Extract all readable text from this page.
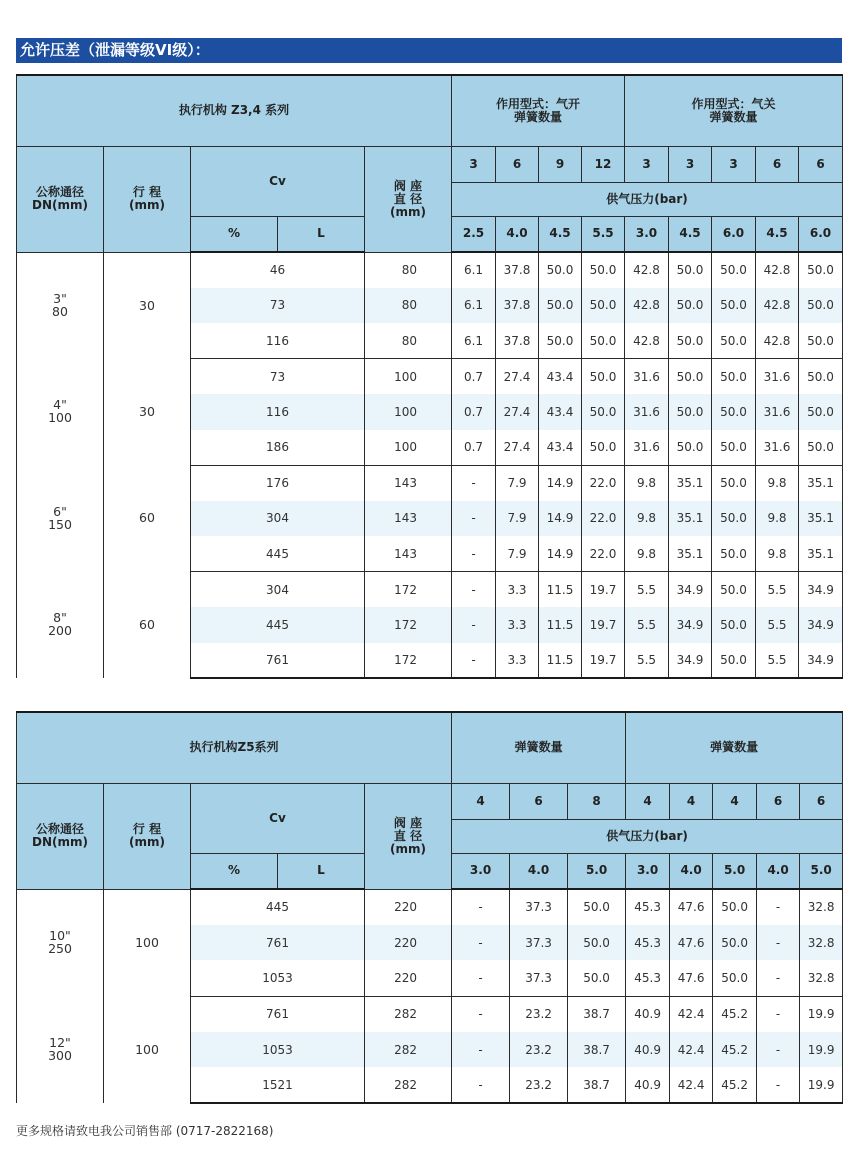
允许压差（泄漏等级VI级）：
执行机构 Z3,4 系列					作用型式：气开
弹簧数量				作用型式：气关
弹簧数量				
公称通径
DN(mm)	行 程
(mm)	Cv		阀 座
直 径
(mm)	3	6	9	12	3	3	3	6	6
					供气压力(bar)								
		%	L		2.5	4.0	4.5	5.5	3.0	4.5	6.0	4.5	6.0
3"
80	30	46		80	6.1	37.8	50.0	50.0	42.8	50.0	50.0	42.8	50.0
		73		80	6.1	37.8	50.0	50.0	42.8	50.0	50.0	42.8	50.0
		116		80	6.1	37.8	50.0	50.0	42.8	50.0	50.0	42.8	50.0
4"
100	30	73		100	0.7	27.4	43.4	50.0	31.6	50.0	50.0	31.6	50.0
		116		100	0.7	27.4	43.4	50.0	31.6	50.0	50.0	31.6	50.0
		186		100	0.7	27.4	43.4	50.0	31.6	50.0	50.0	31.6	50.0
6"
150	60	176		143	-	7.9	14.9	22.0	9.8	35.1	50.0	9.8	35.1
		304		143	-	7.9	14.9	22.0	9.8	35.1	50.0	9.8	35.1
		445		143	-	7.9	14.9	22.0	9.8	35.1	50.0	9.8	35.1
8"
200	60	304		172	-	3.3	11.5	19.7	5.5	34.9	50.0	5.5	34.9
		445		172	-	3.3	11.5	19.7	5.5	34.9	50.0	5.5	34.9
		761		172	-	3.3	11.5	19.7	5.5	34.9	50.0	5.5	34.9
执行机构Z5系列					弹簧数量			弹簧数量				
公称通径
DN(mm)	行 程
(mm)	Cv		阀 座
直 径
(mm)	4	6	8	4	4	4	6	6
					供气压力(bar)							
		%	L		3.0	4.0	5.0	3.0	4.0	5.0	4.0	5.0
10"
250	100	445		220	-	37.3	50.0	45.3	47.6	50.0	-	32.8
		761		220	-	37.3	50.0	45.3	47.6	50.0	-	32.8
		1053		220	-	37.3	50.0	45.3	47.6	50.0	-	32.8
12"
300	100	761		282	-	23.2	38.7	40.9	42.4	45.2	-	19.9
		1053		282	-	23.2	38.7	40.9	42.4	45.2	-	19.9
		1521		282	-	23.2	38.7	40.9	42.4	45.2	-	19.9
更多规格请致电我公司销售部 (0717-2822168)
